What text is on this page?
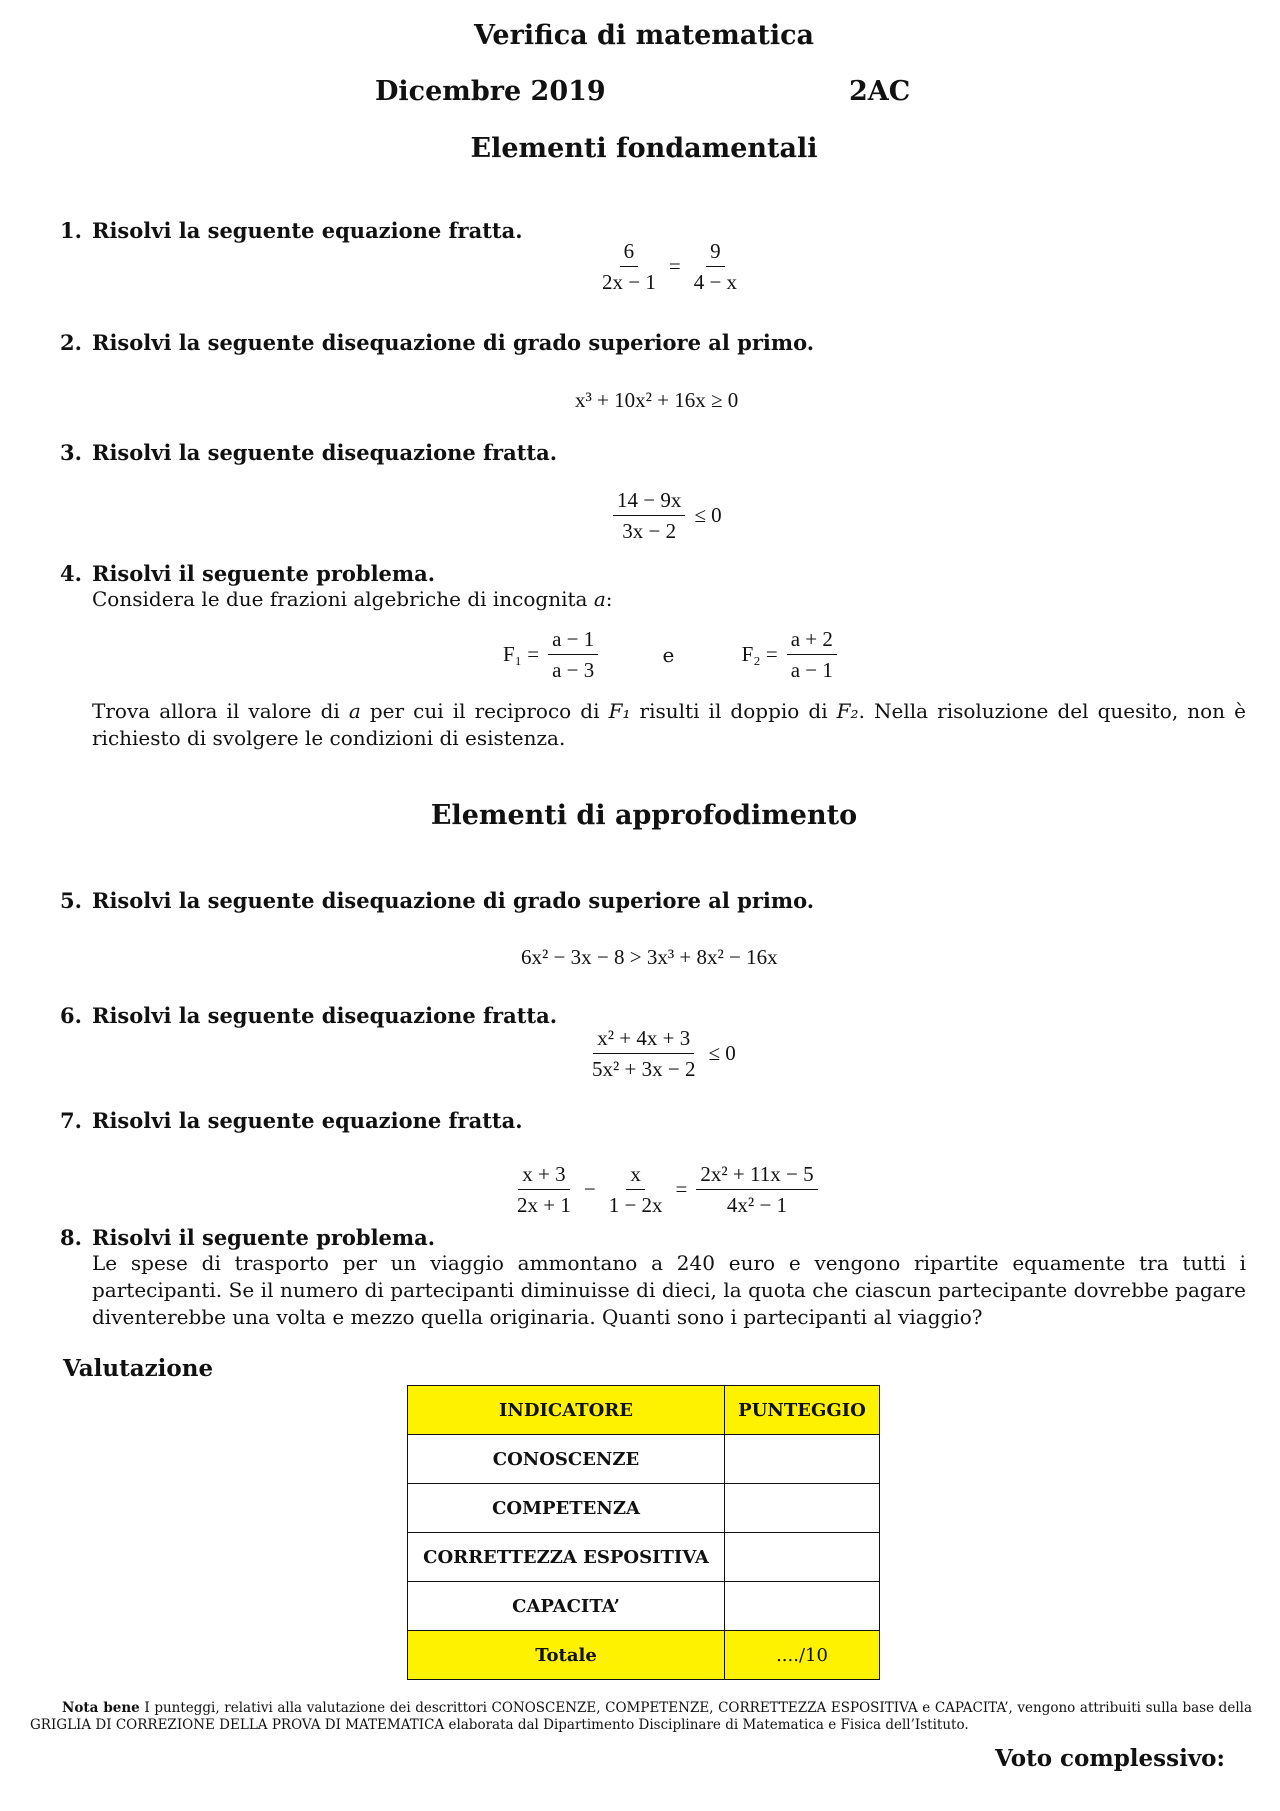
Verifica di matematica
Dicembre 2019	2AC
Elementi fondamentali
1. Risolvi la seguente equazione fratta.
$\frac{6}{2x - 1} = \frac{9}{4 - x}$
2. Risolvi la seguente disequazione di grado superiore al primo.
x³ + 10x² + 16x ≥ 0
3. Risolvi la seguente disequazione fratta.
$\frac{14 - 9x}{3x - 2} \le 0$
4. Risolvi il seguente problema.
Considera le due frazioni algebriche di incognita a:
$F_1 = \frac{a - 1}{a - 3}$	e	$F_2 = \frac{a + 2}{a - 1}$
Trova allora il valore di a per cui il reciproco di F₁ risulti il doppio di F₂. Nella risoluzione del quesito, non è richiesto di svolgere le condizioni di esistenza.
Elementi di approfodimento
5. Risolvi la seguente disequazione di grado superiore al primo.
6x² − 3x − 8 > 3x³ + 8x² − 16x
6. Risolvi la seguente disequazione fratta.
$\frac{\text{x² + 4x + 3}}{\text{5x² + 3x − 2}} \le 0$
7. Risolvi la seguente equazione fratta.
$\frac{x + 3}{2x + 1} - \frac{x}{1 - 2x} = \frac{\text{2x² + 11x − 5}}{\text{4x² − 1}}$
8. Risolvi il seguente problema.
Le spese di trasporto per un viaggio ammontano a 240 euro e vengono ripartite equamente tra tutti i partecipanti. Se il numero di partecipanti diminuisse di dieci, la quota che ciascun partecipante dovrebbe pagare diventerebbe una volta e mezzo quella originaria. Quanti sono i partecipanti al viaggio?
Valutazione
INDICATORE	PUNTEGGIO
CONOSCENZE	
COMPETENZA	
CORRETTEZZA ESPOSITIVA	
CAPACITA’	
Totale	..../10
Nota bene I punteggi, relativi alla valutazione dei descrittori CONOSCENZE, COMPETENZE, CORRETTEZZA ESPOSITIVA e CAPACITA’, vengono attribuiti sulla base della GRIGLIA DI CORREZIONE DELLA PROVA DI MATEMATICA elaborata dal Dipartimento Disciplinare di Matematica e Fisica dell’Istituto.
Voto complessivo:
